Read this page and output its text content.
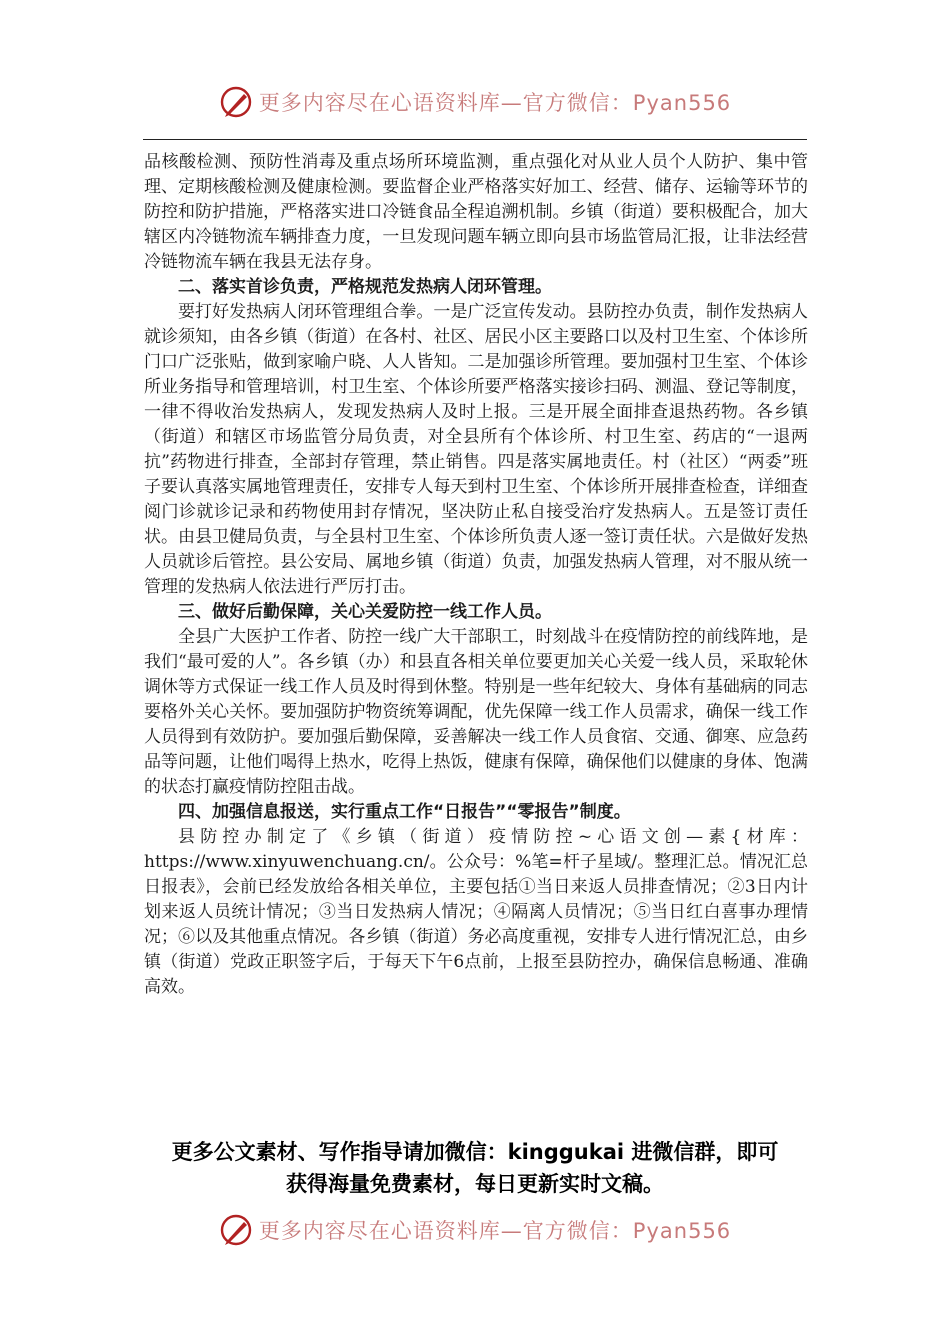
更多内容尽在心语资料库—官方微信：Pyan556

品核酸检测、预防性消毒及重点场所环境监测，重点强化对从业人员个人防护、集中管理、定期核酸检测及健康检测。要监督企业严格落实好加工、经营、储存、运输等环节的防控和防护措施，严格落实进口冷链食品全程追溯机制。乡镇（街道）要积极配合，加大辖区内冷链物流车辆排查力度，一旦发现问题车辆立即向县市场监管局汇报，让非法经营冷链物流车辆在我县无法存身。

二、落实首诊负责，严格规范发热病人闭环管理。

要打好发热病人闭环管理组合拳。一是广泛宣传发动。县防控办负责，制作发热病人就诊须知，由各乡镇（街道）在各村、社区、居民小区主要路口以及村卫生室、个体诊所门口广泛张贴，做到家喻户晓、人人皆知。二是加强诊所管理。要加强村卫生室、个体诊所业务指导和管理培训，村卫生室、个体诊所要严格落实接诊扫码、测温、登记等制度，一律不得收治发热病人，发现发热病人及时上报。三是开展全面排查退热药物。各乡镇（街道）和辖区市场监管分局负责，对全县所有个体诊所、村卫生室、药店的“一退两抗”药物进行排查，全部封存管理，禁止销售。四是落实属地责任。村（社区）“两委”班子要认真落实属地管理责任，安排专人每天到村卫生室、个体诊所开展排查检查，详细查阅门诊就诊记录和药物使用封存情况，坚决防止私自接受治疗发热病人。五是签订责任状。由县卫健局负责，与全县村卫生室、个体诊所负责人逐一签订责任状。六是做好发热人员就诊后管控。县公安局、属地乡镇（街道）负责，加强发热病人管理，对不服从统一管理的发热病人依法进行严厉打击。

三、做好后勤保障，关心关爱防控一线工作人员。

全县广大医护工作者、防控一线广大干部职工，时刻战斗在疫情防控的前线阵地，是我们“最可爱的人”。各乡镇（办）和县直各相关单位要更加关心关爱一线人员，采取轮休调休等方式保证一线工作人员及时得到休整。特别是一些年纪较大、身体有基础病的同志要格外关心关怀。要加强防护物资统筹调配，优先保障一线工作人员需求，确保一线工作人员得到有效防护。要加强后勤保障，妥善解决一线工作人员食宿、交通、御寒、应急药品等问题，让他们喝得上热水，吃得上热饭，健康有保障，确保他们以健康的身体、饱满的状态打赢疫情防控阻击战。

四、加强信息报送，实行重点工作“日报告”“零报告”制度。

县防控办制定了《乡镇（街道）疫情防控~心语文创—素{材库：https://www.xinyuwenchuang.cn/。公众号：%笔=杆子星域/。整理汇总。情况汇总日报表》，会前已经发放给各相关单位，主要包括①当日来返人员排查情况；②3日内计划来返人员统计情况；③当日发热病人情况；④隔离人员情况；⑤当日红白喜事办理情况；⑥以及其他重点情况。各乡镇（街道）务必高度重视，安排专人进行情况汇总，由乡镇（街道）党政正职签字后，于每天下午6点前，上报至县防控办，确保信息畅通、准确高效。

更多公文素材、写作指导请加微信：kinggukai 进微信群，即可
获得海量免费素材，每日更新实时文稿。
更多内容尽在心语资料库—官方微信：Pyan556
